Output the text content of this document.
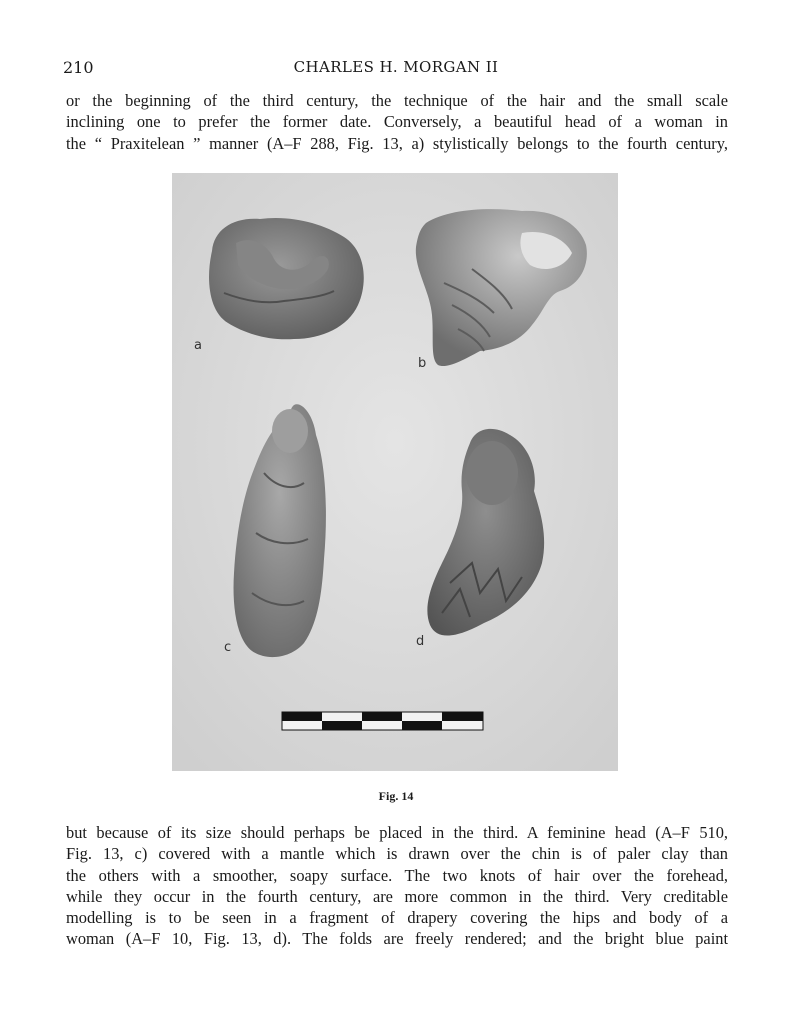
210	CHARLES H. MORGAN II
or the beginning of the third century, the technique of the hair and the small scale
inclining one to prefer the former date. Conversely, a beautiful head of a woman in
the “ Praxitelean ” manner (A–F 288, Fig. 13, a) stylistically belongs to the fourth century,
a
b
c	d
Fig. 14
but because of its size should perhaps be placed in the third. A feminine head (A–F 510,
Fig. 13, c) covered with a mantle which is drawn over the chin is of paler clay than
the others with a smoother, soapy surface. The two knots of hair over the forehead,
while they occur in the fourth century, are more common in the third. Very creditable
modelling is to be seen in a fragment of drapery covering the hips and body of a
woman (A–F 10, Fig. 13, d). The folds are freely rendered; and the bright blue paint
